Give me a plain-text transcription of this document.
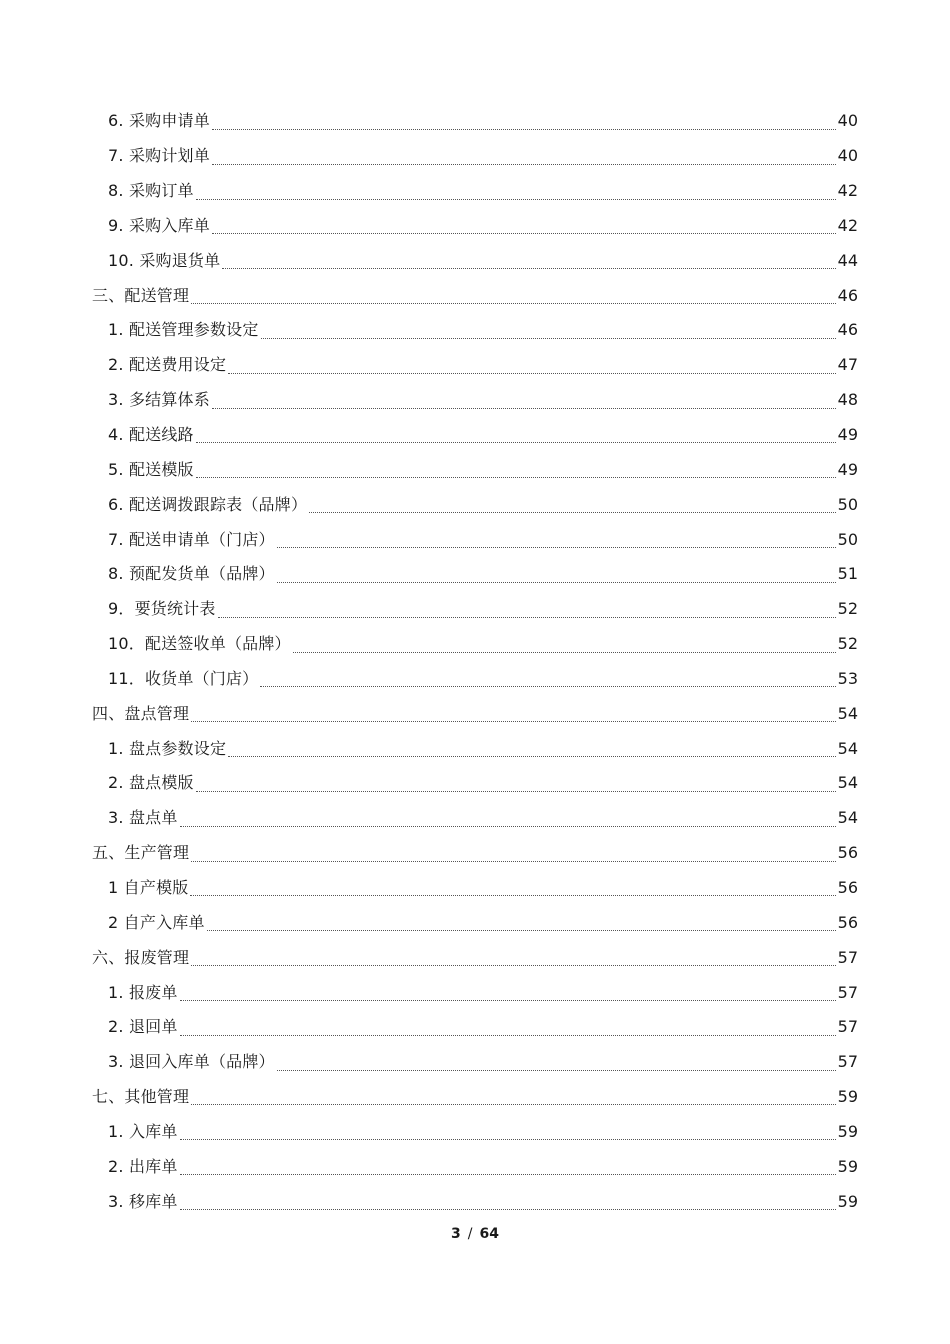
6. 采购申请单	40
7. 采购计划单	40
8. 采购订单	42
9. 采购入库单	42
10. 采购退货单	44
三、配送管理	46
1. 配送管理参数设定	46
2. 配送费用设定	47
3. 多结算体系	48
4. 配送线路	49
5. 配送模版	49
6. 配送调拨跟踪表（品牌）	50
7. 配送申请单（门店）	50
8. 预配发货单（品牌）	51
9．要货统计表	52
10．配送签收单（品牌）	52
11．收货单（门店）	53
四、盘点管理	54
1. 盘点参数设定	54
2. 盘点模版	54
3. 盘点单	54
五、生产管理	56
1 自产模版	56
2 自产入库单	56
六、报废管理	57
1. 报废单	57
2. 退回单	57
3. 退回入库单（品牌）	57
七、其他管理	59
1. 入库单	59
2. 出库单	59
3. 移库单	59
3 / 64
